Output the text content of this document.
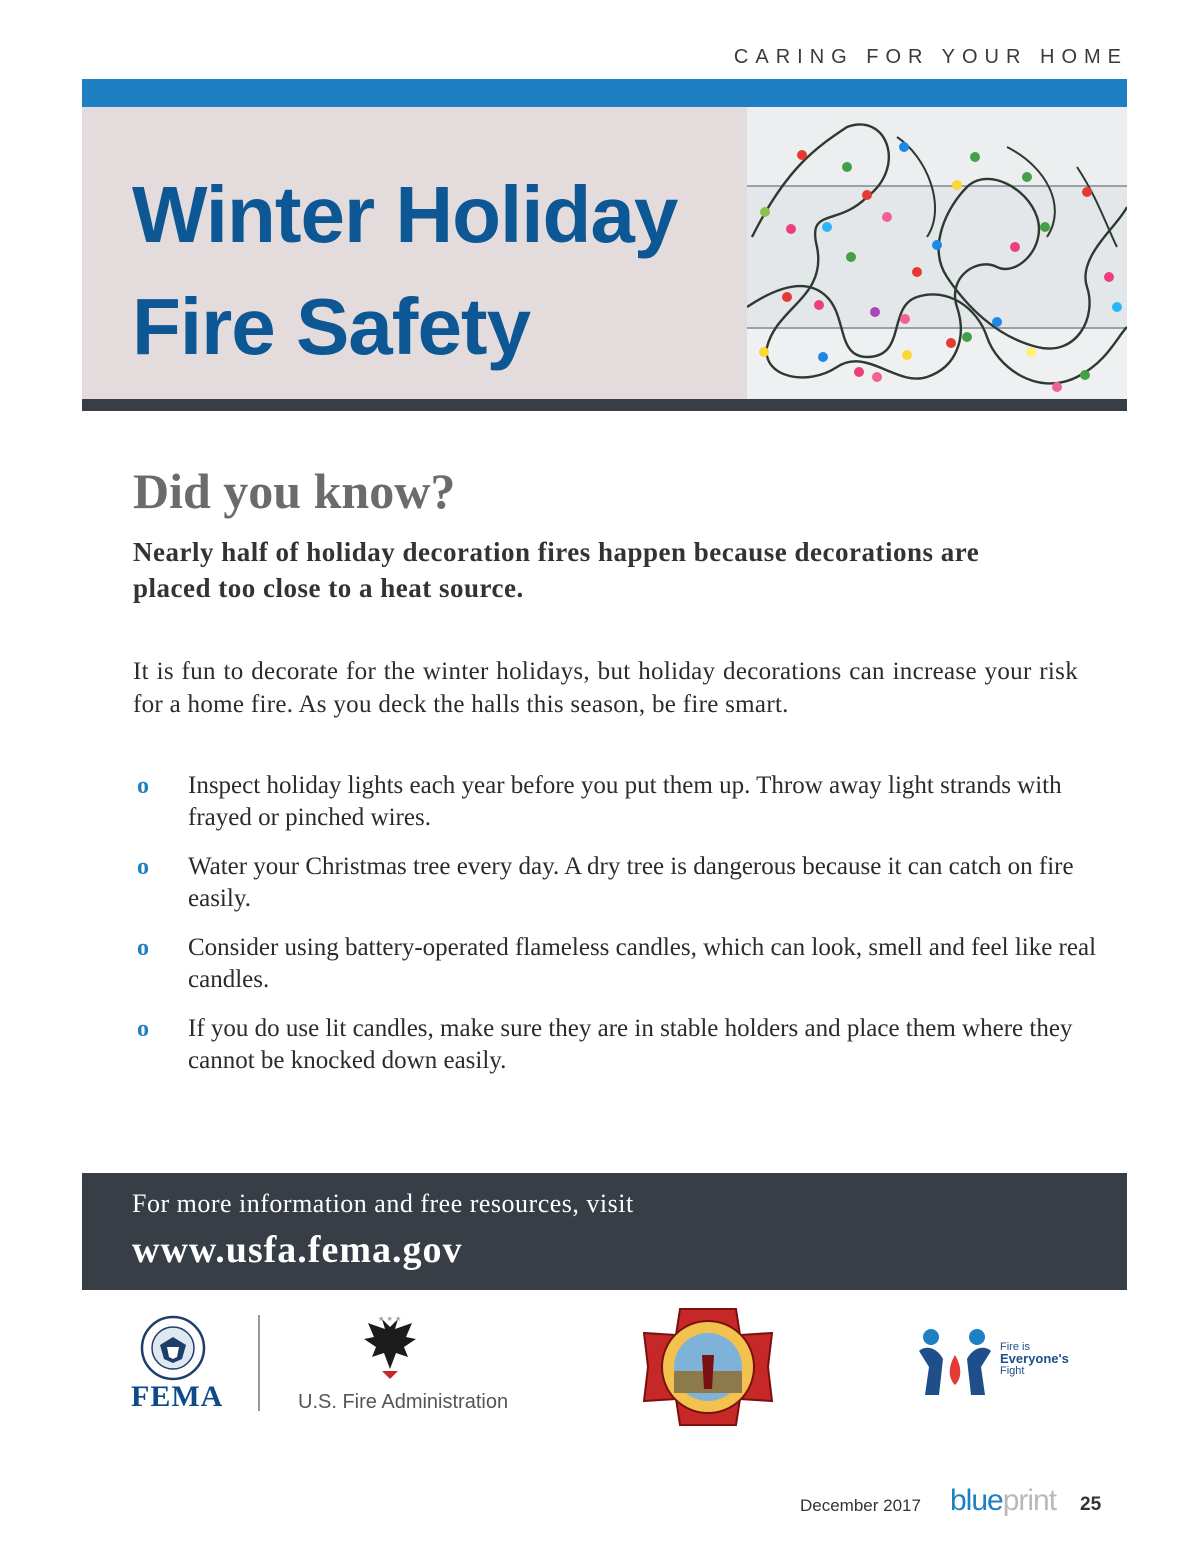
CARING FOR YOUR HOME
Winter Holiday
Fire Safety
Did you know?

Nearly half of holiday decoration fires happen because decorations are placed too close to a heat source.

It is fun to decorate for the winter holidays, but holiday decorations can increase your risk for a home fire. As you deck the halls this season, be fire smart.

o Inspect holiday lights each year before you put them up. Throw away light strands with frayed or pinched wires.
o Water your Christmas tree every day. A dry tree is dangerous because it can catch on fire easily.
o Consider using battery-operated flameless candles, which can look, smell and feel like real candles.
o If you do use lit candles, make sure they are in stable holders and place them where they cannot be knocked down easily.
For more information and free resources, visit
www.usfa.fema.gov
FEMA
★ ★ ★
U.S. Fire Administration
Fire is
Everyone's
Fight
December 2017 blueprint 25
